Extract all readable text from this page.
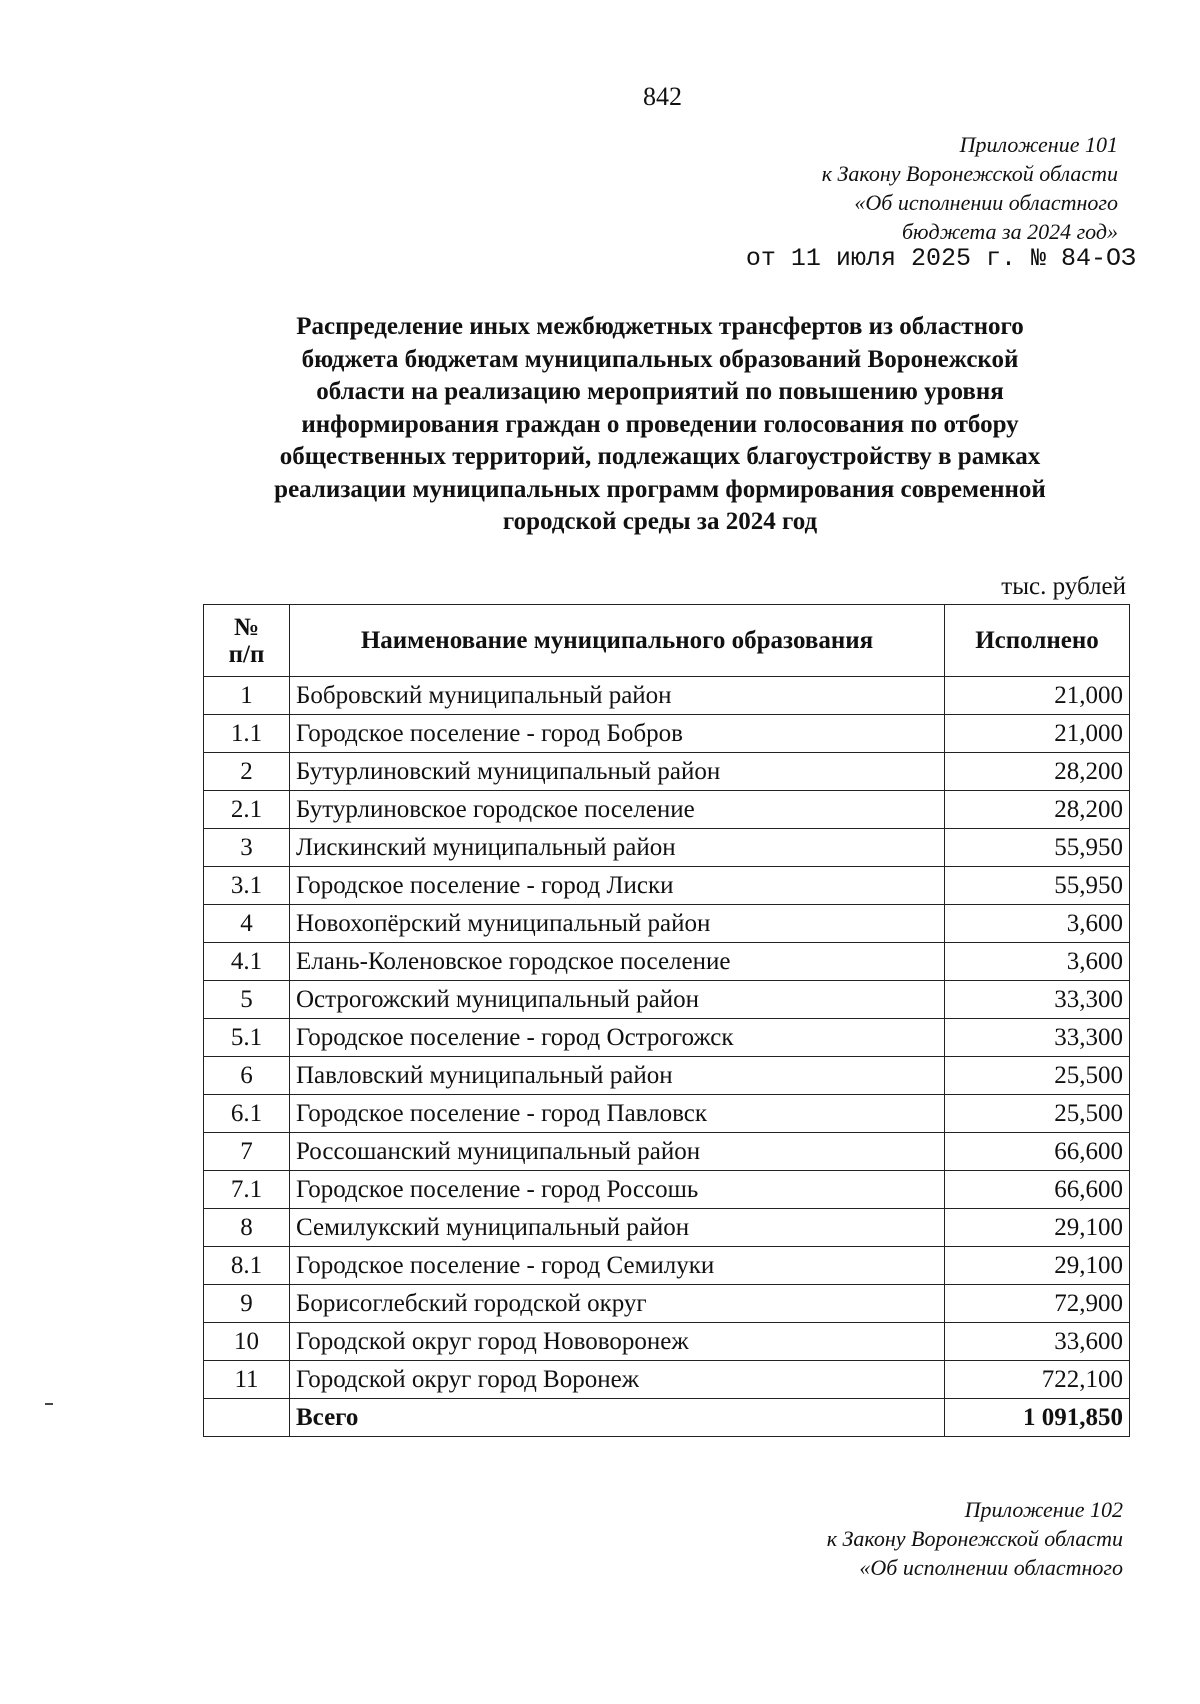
842
Приложение 101
к Закону Воронежской области
«Об исполнении областного
бюджета за 2024 год»
от 11 июля 2025 г. № 84-ОЗ
Распределение иных межбюджетных трансфертов из областного
бюджета бюджетам муниципальных образований Воронежской
области на реализацию мероприятий по повышению уровня
информирования граждан о проведении голосования по отбору
общественных территорий, подлежащих благоустройству в рамках
реализации муниципальных программ формирования современной
городской среды за 2024 год
тыс. рублей
№
п/п	Наименование муниципального образования	Исполнено
1	Бобровский муниципальный район	21,000
1.1	Городское поселение - город Бобров	21,000
2	Бутурлиновский муниципальный район	28,200
2.1	Бутурлиновское городское поселение	28,200
3	Лискинский муниципальный район	55,950
3.1	Городское поселение - город Лиски	55,950
4	Новохопёрский муниципальный район	3,600
4.1	Елань-Коленовское городское поселение	3,600
5	Острогожский муниципальный район	33,300
5.1	Городское поселение - город Острогожск	33,300
6	Павловский муниципальный район	25,500
6.1	Городское поселение - город Павловск	25,500
7	Россошанский муниципальный район	66,600
7.1	Городское поселение - город Россошь	66,600
8	Семилукский муниципальный район	29,100
8.1	Городское поселение - город Семилуки	29,100
9	Борисоглебский городской округ	72,900
10	Городской округ город Нововоронеж	33,600
11	Городской округ город Воронеж	722,100
	Всего	1 091,850
Приложение 102
к Закону Воронежской области
«Об исполнении областного
